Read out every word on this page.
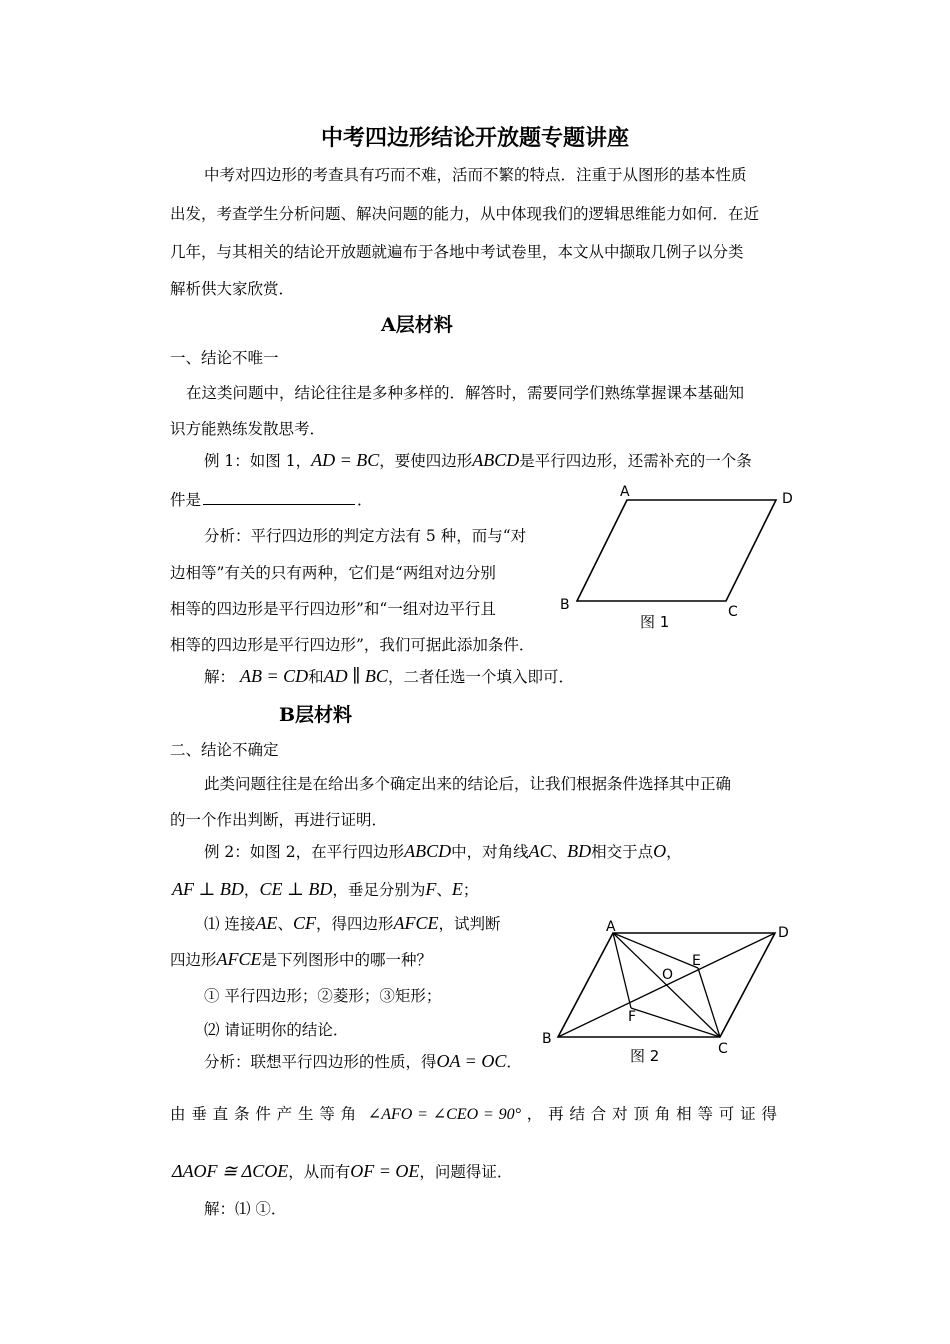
中考四边形结论开放题专题讲座
中考对四边形的考查具有巧而不难，活而不繁的特点．注重于从图形的基本性质
出发，考查学生分析问题、解决问题的能力，从中体现我们的逻辑思维能力如何．在近
几年，与其相关的结论开放题就遍布于各地中考试卷里，本文从中撷取几例子以分类
解析供大家欣赏．
A层材料
一、结论不唯一
在这类问题中，结论往往是多种多样的．解答时，需要同学们熟练掌握课本基础知
识方能熟练发散思考．
例 1：如图 1，AD = BC，要使四边形ABCD是平行四边形，还需补充的一个条
件是	．
分析：平行四边形的判定方法有 5 种，而与“对
边相等”有关的只有两种，它们是“两组对边分别
相等的四边形是平行四边形”和“一组对边平行且
相等的四边形是平行四边形”，我们可据此添加条件．
解： AB = CD和AD ∥ BC，二者任选一个填入即可．
A	D
B	C
图 1
B层材料
二、结论不确定
此类问题往往是在给出多个确定出来的结论后，让我们根据条件选择其中正确
的一个作出判断，再进行证明．
例 2：如图 2，在平行四边形ABCD中，对角线AC、BD相交于点O，
AF ⊥ BD，CE ⊥ BD，垂足分别为F、E；
⑴ 连接AE、CF，得四边形AFCE，试判断
四边形AFCE是下列图形中的哪一种？
① 平行四边形；②菱形；③矩形；
⑵ 请证明你的结论．
分析：联想平行四边形的性质，得OA = OC．
由垂直条件产生等角 ∠AFO = ∠CEO = 90° ，再结合对顶角相等可证得
ΔAOF ≅ ΔCOE，从而有OF = OE，问题得证．
解：⑴ ①．
A	D
B
C
E
F
O
图 2
